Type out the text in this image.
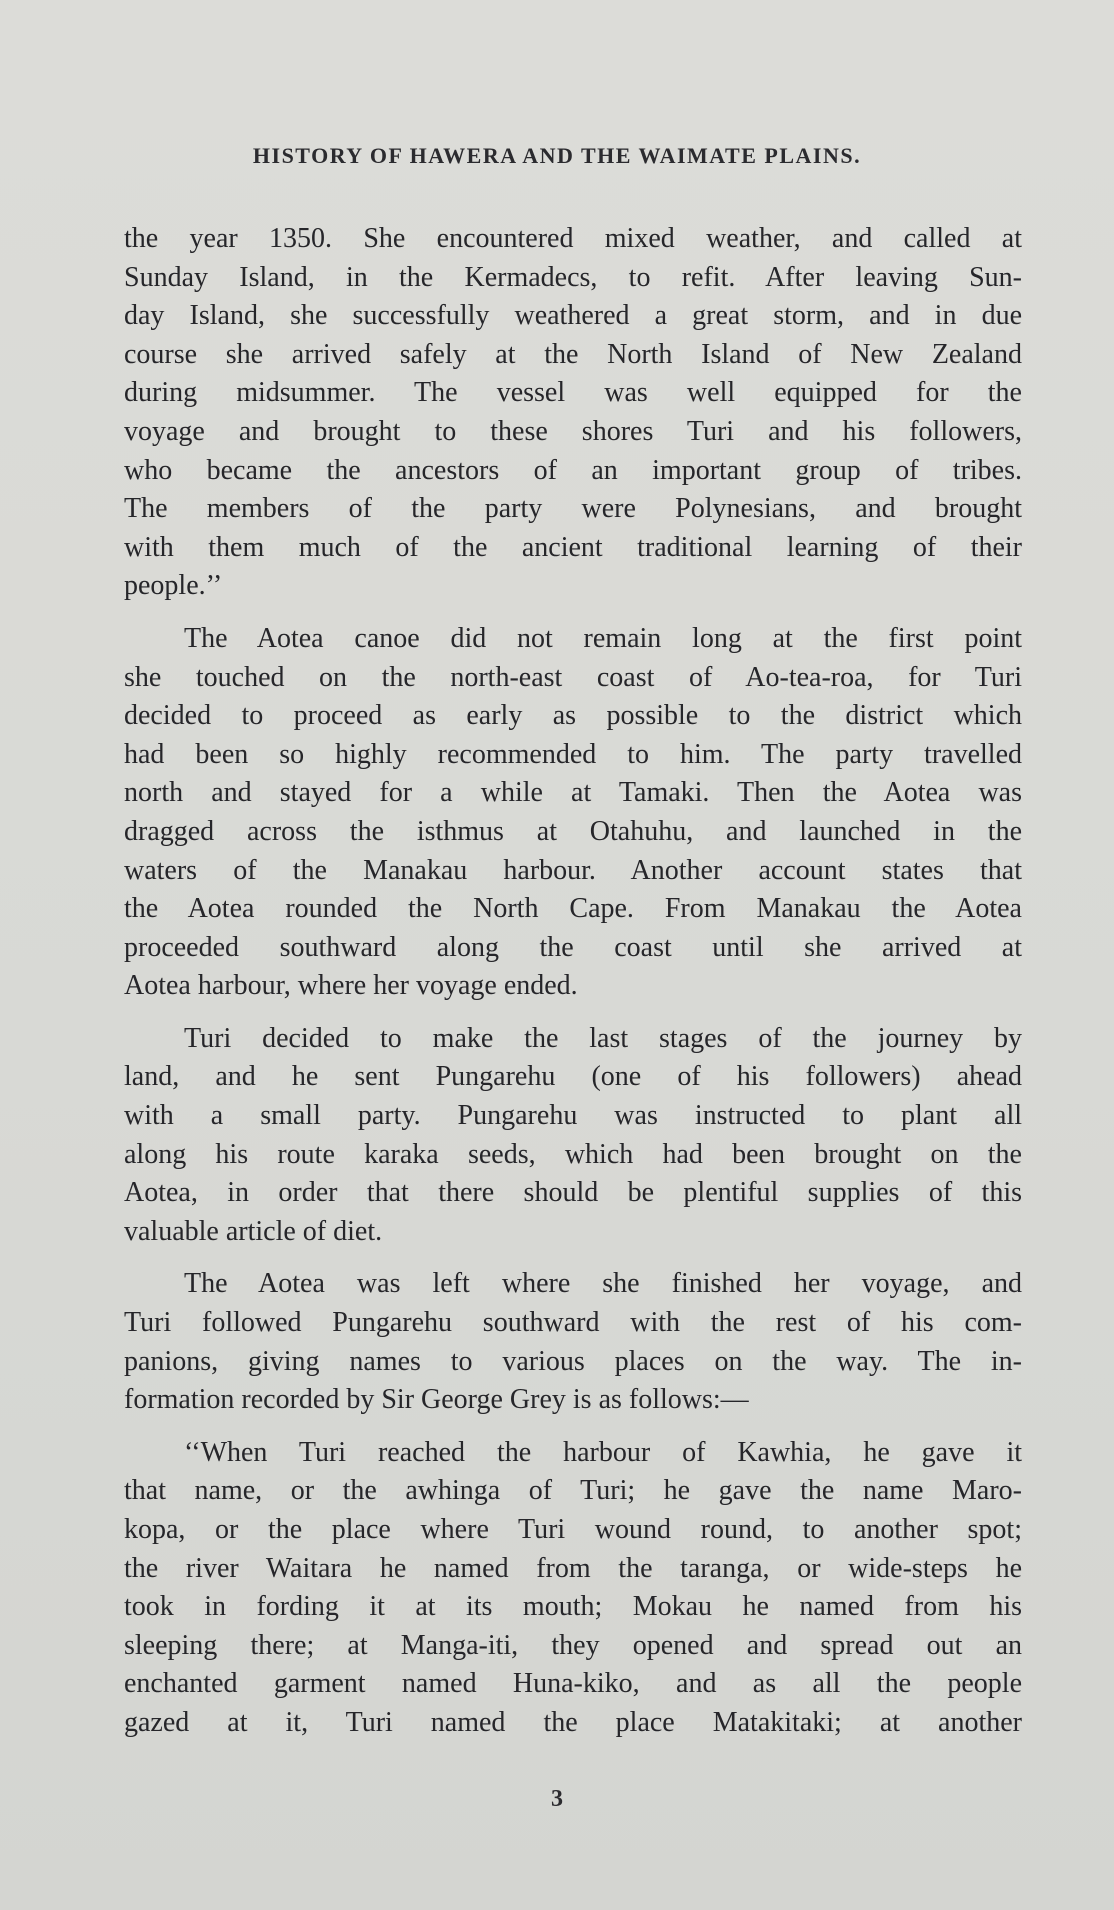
HISTORY OF HAWERA AND THE WAIMATE PLAINS.

the year 1350. She encountered mixed weather, and called at
Sunday Island, in the Kermadecs, to refit. After leaving Sun-
day Island, she successfully weathered a great storm, and in due
course she arrived safely at the North Island of New Zealand
during midsummer. The vessel was well equipped for the
voyage and brought to these shores Turi and his followers,
who became the ancestors of an important group of tribes.
The members of the party were Polynesians, and brought
with them much of the ancient traditional learning of their
people.’’

The Aotea canoe did not remain long at the first point
she touched on the north-east coast of Ao-tea-roa, for Turi
decided to proceed as early as possible to the district which
had been so highly recommended to him. The party travelled
north and stayed for a while at Tamaki. Then the Aotea was
dragged across the isthmus at Otahuhu, and launched in the
waters of the Manakau harbour. Another account states that
the Aotea rounded the North Cape. From Manakau the Aotea
proceeded southward along the coast until she arrived at
Aotea harbour, where her voyage ended.

Turi decided to make the last stages of the journey by
land, and he sent Pungarehu (one of his followers) ahead
with a small party. Pungarehu was instructed to plant all
along his route karaka seeds, which had been brought on the
Aotea, in order that there should be plentiful supplies of this
valuable article of diet.

The Aotea was left where she finished her voyage, and
Turi followed Pungarehu southward with the rest of his com-
panions, giving names to various places on the way. The in-
formation recorded by Sir George Grey is as follows:—

‘‘When Turi reached the harbour of Kawhia, he gave it
that name, or the awhinga of Turi; he gave the name Maro-
kopa, or the place where Turi wound round, to another spot;
the river Waitara he named from the taranga, or wide-steps he
took in fording it at its mouth; Mokau he named from his
sleeping there; at Manga-iti, they opened and spread out an
enchanted garment named Huna-kiko, and as all the people
gazed at it, Turi named the place Matakitaki; at another

3
